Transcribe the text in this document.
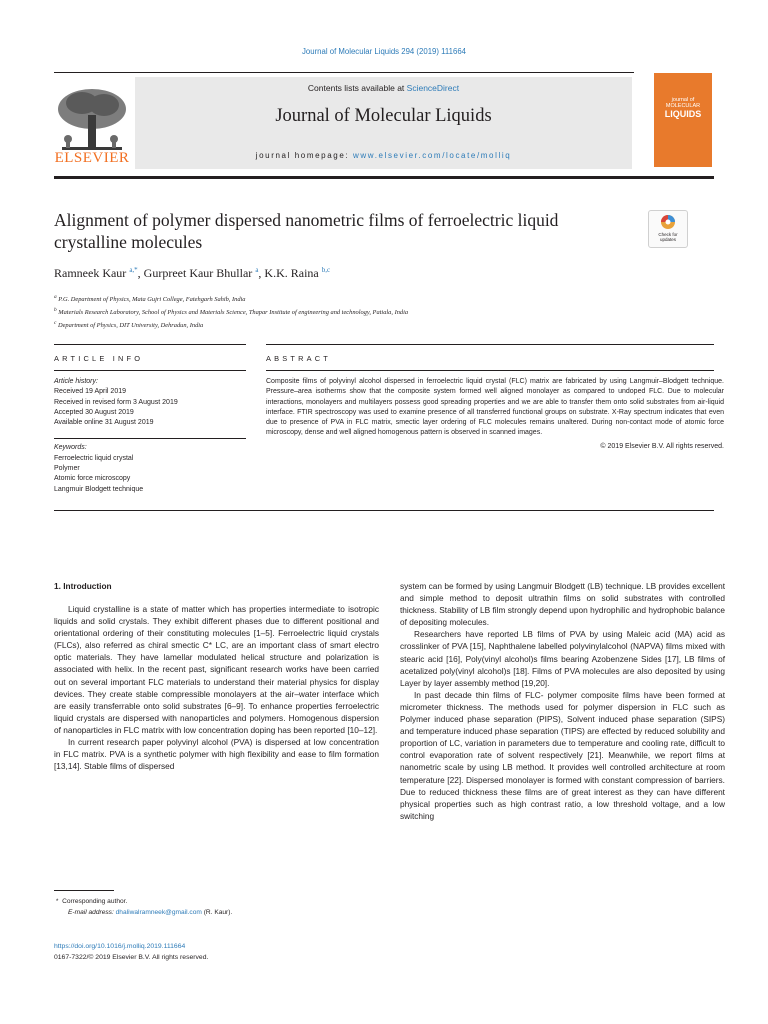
Journal of Molecular Liquids 294 (2019) 111664
ELSEVIER
Contents lists available at ScienceDirect
Journal of Molecular Liquids
journal homepage: www.elsevier.com/locate/molliq
journal of
MOLECULAR
LIQUIDS
Alignment of polymer dispersed nanometric films of ferroelectric liquid
crystalline molecules	Check for
updates
Ramneek Kaur $^{a,*}$, Gurpreet Kaur Bhullar $^a$, K.K. Raina $^{b,c}$
$^a$ P.G. Department of Physics, Mata Gujri College, Fatehgarh Sahib, India
$^b$ Materials Research Laboratory, School of Physics and Materials Science, Thapar Institute of engineering and technology, Patiala, India
$^c$ Department of Physics, DIT University, Dehradun, India
ARTICLE INFO	ABSTRACT
Article history:
Received 19 April 2019
Received in revised form 3 August 2019
Accepted 30 August 2019
Available online 31 August 2019
Keywords:
Ferroelectric liquid crystal
Polymer
Atomic force microscopy
Langmuir Blodgett technique
Composite films of polyvinyl alcohol dispersed in ferroelectric liquid crystal (FLC) matrix are fabricated by using Langmuir–Blodgett technique. Pressure–area isotherms show that the composite system formed well aligned monolayer as compared to undoped FLC. Due to molecular interactions, monolayers and multilayers possess good spreading properties and we are able to transfer them onto solid substrates from air-liquid interface. FTIR spectroscopy was used to examine presence of all transferred functional groups on substrate. X-Ray spectrum indicates that even due to presence of PVA in FLC matrix, smectic layer ordering of FLC molecules remains unaltered. During non-contact mode of atomic force microscopy, dense and well aligned homogenous pattern is observed in scanned images.
© 2019 Elsevier B.V. All rights reserved.
1. Introduction

Liquid crystalline is a state of matter which has properties intermediate to isotropic liquids and solid crystals. They exhibit different phases due to different positional and orientational ordering of their constituting molecules [1–5]. Ferroelectric liquid crystals (FLCs), also referred as chiral smectic C* LC, are an important class of smart electro optic materials. They have lamellar modulated helical structure and polarization is associated with helix. In the recent past, significant research works have been carried out on several important FLC materials to understand their material physics for display devices. They create stable compressible monolayers at the air–water interface which are easily transferrable onto solid substrates [6–9]. To enhance properties ferroelectric liquid crystals are dispersed with nanoparticles and polymers. Homogenous dispersion of nanoparticles in FLC matrix with low concentration doping has been reported [10–12].

In current research paper polyvinyl alcohol (PVA) is dispersed at low concentration in FLC matrix. PVA is a synthetic polymer with high flexibility and ease to film formation [13,14]. Stable films of dispersed

system can be formed by using Langmuir Blodgett (LB) technique. LB provides excellent and simple method to deposit ultrathin films on solid substrates with controlled thickness. Stability of LB film strongly depend upon hydrophilic and hydrophobic balance of depositing molecules.

Researchers have reported LB films of PVA by using Maleic acid (MA) acid as crosslinker of PVA [15], Naphthalene labelled polyvinylalcohol (NAPVA) films mixed with stearic acid [16], Poly(vinyl alcohol)s films bearing Azobenzene Sides [17], LB films of acetalized poly(vinyl alcohol)s [18]. Films of PVA molecules are also deposited by using Layer by layer assembly method [19,20].

In past decade thin films of FLC- polymer composite films have been formed at micrometer thickness. The methods used for polymer dispersion in FLC such as Polymer induced phase separation (PIPS), Solvent induced phase separation (SIPS) and temperature induced phase separation (TIPS) are effected by reduced solubility and proportion of LC, variation in parameters due to temperature and cooling rate, difficult to control evaporation rate of solvent respectively [21]. Meanwhile, we report films at nanometric scale by using LB method. It provides well controlled architecture at room temperature [22]. Dispersed monolayer is formed with constant compression of barriers. Due to reduced thickness these films are of great interest as they can have different physical properties such as high contrast ratio, a low threshold voltage, and a low switching

*  Corresponding author.
E-mail address: dhaliwalramneek@gmail.com (R. Kaur).
https://doi.org/10.1016/j.molliq.2019.111664
0167-7322/© 2019 Elsevier B.V. All rights reserved.
